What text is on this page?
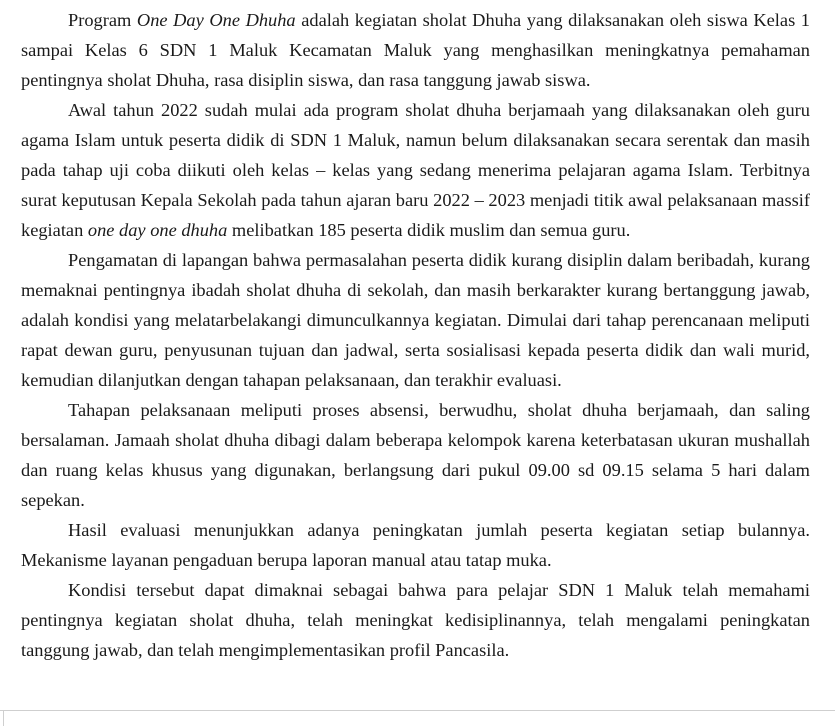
Program One Day One Dhuha adalah kegiatan sholat Dhuha yang dilaksanakan oleh siswa Kelas 1 sampai Kelas 6 SDN 1 Maluk Kecamatan Maluk yang menghasilkan meningkatnya pemahaman pentingnya sholat Dhuha, rasa disiplin siswa, dan rasa tanggung jawab siswa.

Awal tahun 2022 sudah mulai ada program sholat dhuha berjamaah yang dilaksanakan oleh guru agama Islam untuk peserta didik di SDN 1 Maluk, namun belum dilaksanakan secara serentak dan masih pada tahap uji coba diikuti oleh kelas – kelas yang sedang menerima pelajaran agama Islam. Terbitnya surat keputusan Kepala Sekolah pada tahun ajaran baru 2022 – 2023 menjadi titik awal pelaksanaan massif kegiatan one day one dhuha melibatkan 185 peserta didik muslim dan semua guru.

Pengamatan di lapangan bahwa permasalahan peserta didik kurang disiplin dalam beribadah, kurang memaknai pentingnya ibadah sholat dhuha di sekolah, dan masih berkarakter kurang bertanggung jawab, adalah kondisi yang melatarbelakangi dimunculkannya kegiatan. Dimulai dari tahap perencanaan meliputi rapat dewan guru, penyusunan tujuan dan jadwal, serta sosialisasi kepada peserta didik dan wali murid, kemudian dilanjutkan dengan tahapan pelaksanaan, dan terakhir evaluasi.

Tahapan pelaksanaan meliputi proses absensi, berwudhu, sholat dhuha berjamaah, dan saling bersalaman. Jamaah sholat dhuha dibagi dalam beberapa kelompok karena keterbatasan ukuran mushallah dan ruang kelas khusus yang digunakan, berlangsung dari pukul 09.00 sd 09.15 selama 5 hari dalam sepekan.

Hasil evaluasi menunjukkan adanya peningkatan jumlah peserta kegiatan setiap bulannya. Mekanisme layanan pengaduan berupa laporan manual atau tatap muka.

Kondisi tersebut dapat dimaknai sebagai bahwa para pelajar SDN 1 Maluk telah memahami pentingnya kegiatan sholat dhuha, telah meningkat kedisiplinannya, telah mengalami peningkatan tanggung jawab, dan telah mengimplementasikan profil Pancasila.
